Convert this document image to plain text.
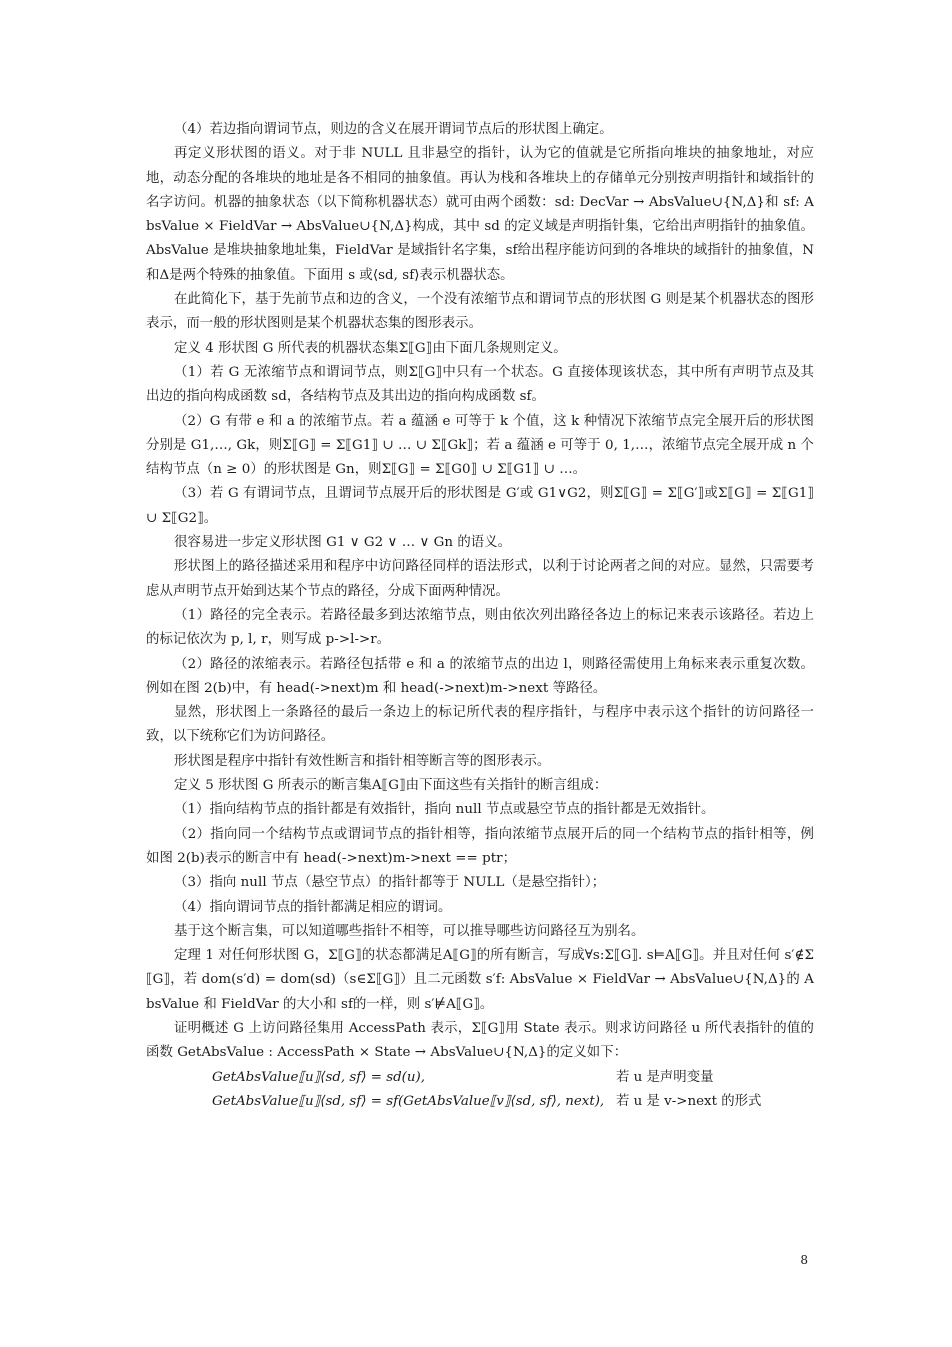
（4）若边指向谓词节点，则边的含义在展开谓词节点后的形状图上确定。

再定义形状图的语义。对于非 NULL 且非悬空的指针，认为它的值就是它所指向堆块的抽象地址，对应地，动态分配的各堆块的地址是各不相同的抽象值。再认为栈和各堆块上的存储单元分别按声明指针和域指针的名字访问。机器的抽象状态（以下简称机器状态）就可由两个函数：sd: DecVar → AbsValue∪{N,Δ}和 sf: AbsValue × FieldVar → AbsValue∪{N,Δ}构成，其中 sd 的定义域是声明指针集，它给出声明指针的抽象值。AbsValue 是堆块抽象地址集，FieldVar 是域指针名字集，sf给出程序能访问到的各堆块的域指针的抽象值，N和Δ是两个特殊的抽象值。下面用 s 或⟨sd, sf⟩表示机器状态。

在此简化下，基于先前节点和边的含义，一个没有浓缩节点和谓词节点的形状图 G 则是某个机器状态的图形表示，而一般的形状图则是某个机器状态集的图形表示。

定义 4 形状图 G 所代表的机器状态集Σ⟦G⟧由下面几条规则定义。

（1）若 G 无浓缩节点和谓词节点，则Σ⟦G⟧中只有一个状态。G 直接体现该状态，其中所有声明节点及其出边的指向构成函数 sd，各结构节点及其出边的指向构成函数 sf。

（2）G 有带 e 和 a 的浓缩节点。若 a 蕴涵 e 可等于 k 个值，这 k 种情况下浓缩节点完全展开后的形状图分别是 G1,…, Gk，则Σ⟦G⟧ = Σ⟦G1⟧ ∪ … ∪ Σ⟦Gk⟧；若 a 蕴涵 e 可等于 0, 1,…，浓缩节点完全展开成 n 个结构节点（n ≥ 0）的形状图是 Gn，则Σ⟦G⟧ = Σ⟦G0⟧ ∪ Σ⟦G1⟧ ∪ …。

（3）若 G 有谓词节点，且谓词节点展开后的形状图是 G′或 G1∨G2，则Σ⟦G⟧ = Σ⟦G′⟧或Σ⟦G⟧ = Σ⟦G1⟧ ∪ Σ⟦G2⟧。

很容易进一步定义形状图 G1 ∨ G2 ∨ … ∨ Gn 的语义。

形状图上的路径描述采用和程序中访问路径同样的语法形式，以利于讨论两者之间的对应。显然，只需要考虑从声明节点开始到达某个节点的路径，分成下面两种情况。

（1）路径的完全表示。若路径最多到达浓缩节点，则由依次列出路径各边上的标记来表示该路径。若边上的标记依次为 p, l, r，则写成 p->l->r。

（2）路径的浓缩表示。若路径包括带 e 和 a 的浓缩节点的出边 l，则路径需使用上角标来表示重复次数。例如在图 2(b)中，有 head(->next)m 和 head(->next)m->next 等路径。

显然，形状图上一条路径的最后一条边上的标记所代表的程序指针，与程序中表示这个指针的访问路径一致，以下统称它们为访问路径。

形状图是程序中指针有效性断言和指针相等断言等的图形表示。

定义 5 形状图 G 所表示的断言集A⟦G⟧由下面这些有关指针的断言组成：

（1）指向结构节点的指针都是有效指针，指向 null 节点或悬空节点的指针都是无效指针。

（2）指向同一个结构节点或谓词节点的指针相等，指向浓缩节点展开后的同一个结构节点的指针相等，例如图 2(b)表示的断言中有 head(->next)m->next == ptr；

（3）指向 null 节点（悬空节点）的指针都等于 NULL（是悬空指针）；

（4）指向谓词节点的指针都满足相应的谓词。

基于这个断言集，可以知道哪些指针不相等，可以推导哪些访问路径互为别名。

定理 1 对任何形状图 G，Σ⟦G⟧的状态都满足A⟦G⟧的所有断言，写成∀s:Σ⟦G⟧. s⊨A⟦G⟧。并且对任何 s′∉Σ⟦G⟧，若 dom(s′d) = dom(sd)（s∈Σ⟦G⟧）且二元函数 s′f: AbsValue × FieldVar → AbsValue∪{N,Δ}的 AbsValue 和 FieldVar 的大小和 sf的一样，则 s′⊭A⟦G⟧。

证明概述 G 上访问路径集用 AccessPath 表示，Σ⟦G⟧用 State 表示。则求访问路径 u 所代表指针的值的函数 GetAbsValue : AccessPath × State → AbsValue∪{N,Δ}的定义如下：

GetAbsValue⟦u⟧⟨sd, sf⟩ = sd(u),	若 u 是声明变量
GetAbsValue⟦u⟧⟨sd, sf⟩ = sf(GetAbsValue⟦v⟧⟨sd, sf⟩, next), 若 u 是 v->next 的形式
8
